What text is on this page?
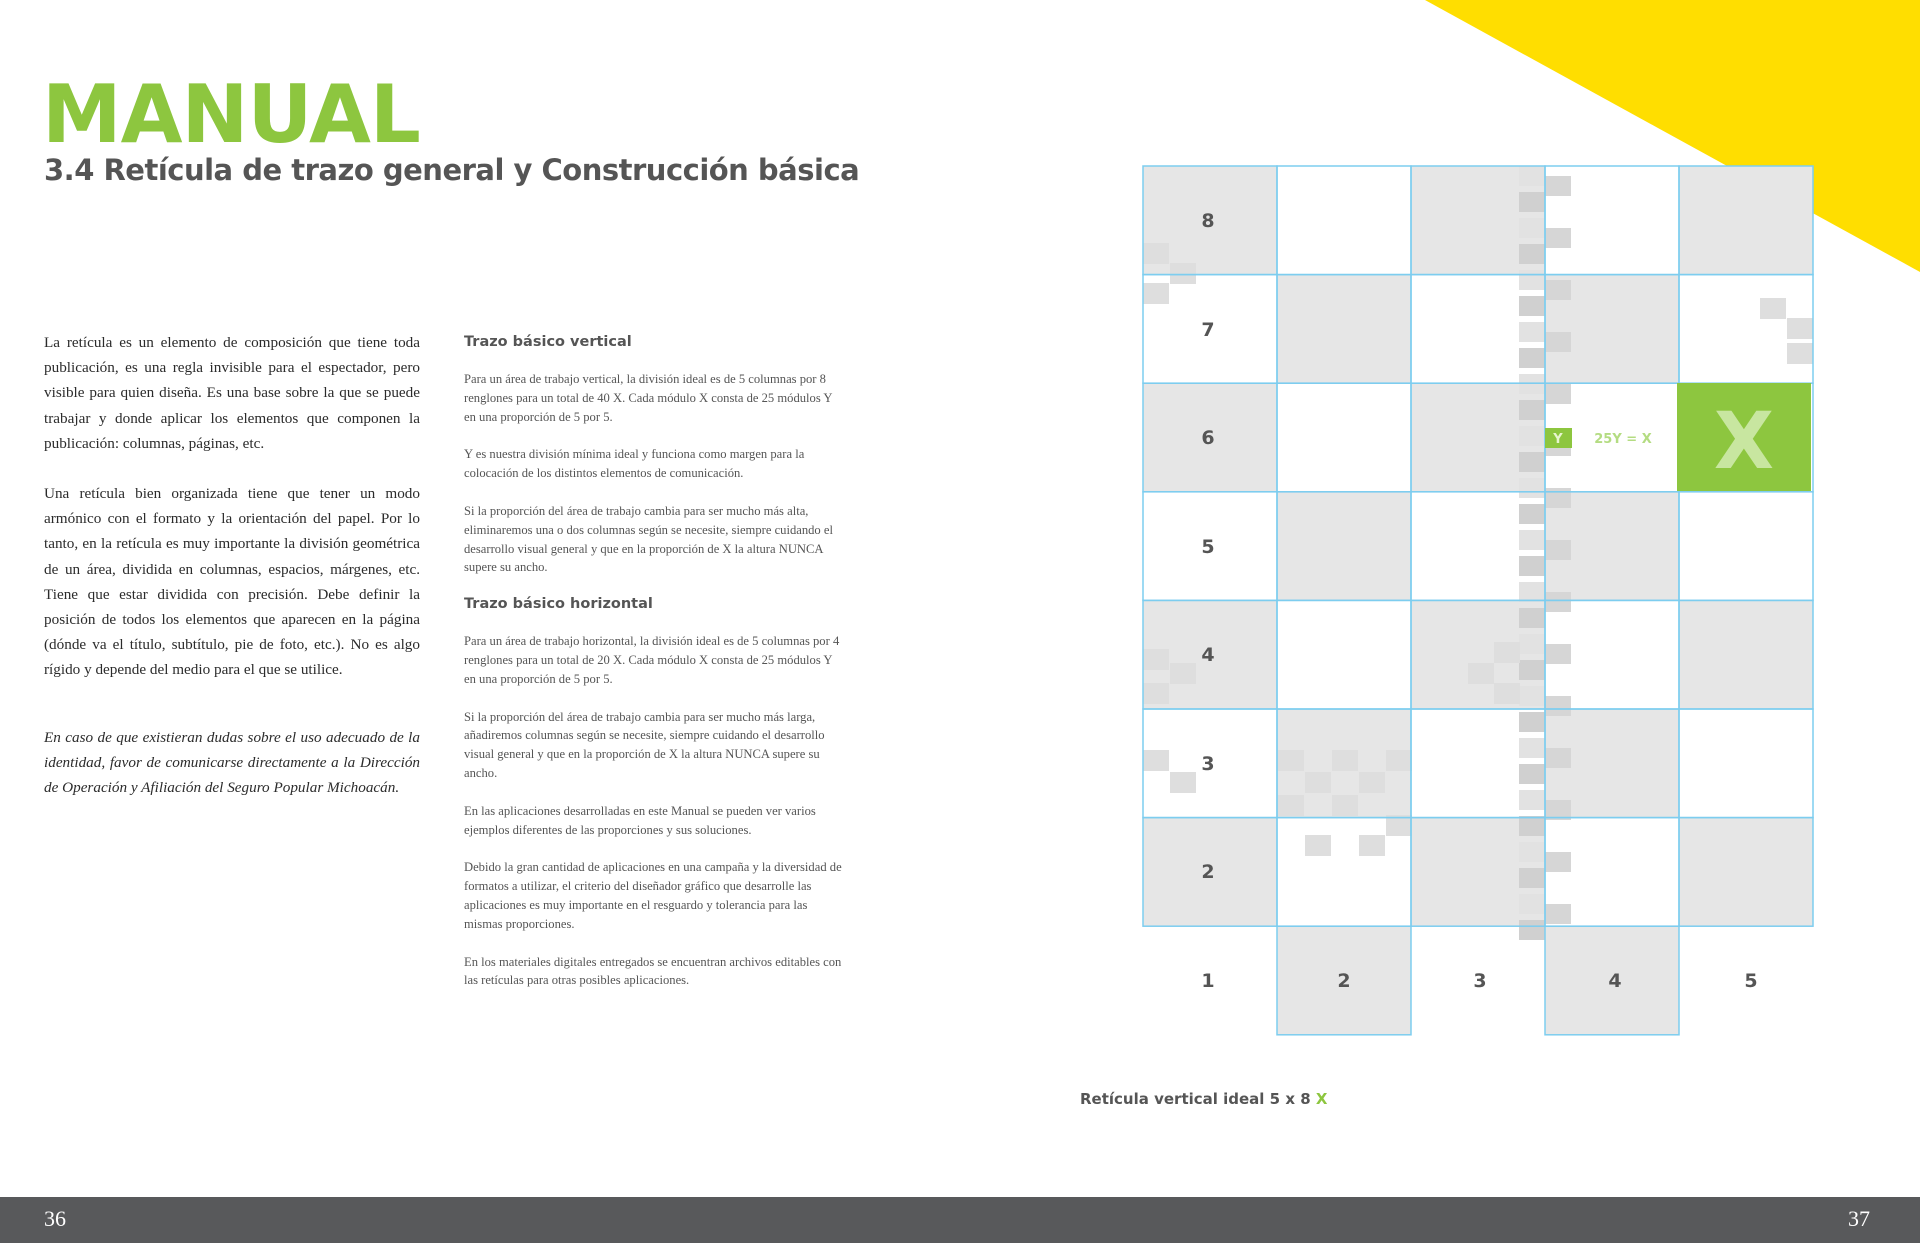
MANUAL
3.4 Retícula de trazo general y Construcción básica

La retícula es un elemento de composición que tiene toda publicación, es una regla invisible para el espectador, pero visible para quien diseña. Es una base sobre la que se puede trabajar y donde aplicar los elementos que componen la publicación: columnas, páginas, etc.

Una retícula bien organizada tiene que tener un modo armónico con el formato y la orientación del papel. Por lo tanto, en la retícula es muy importante la división geométrica de un área, dividida en columnas, espacios, márgenes, etc. Tiene que estar dividida con precisión. Debe definir la posición de todos los elementos que aparecen en la página (dónde va el título, subtítulo, pie de foto, etc.). No es algo rígido y depende del medio para el que se utilice.

En caso de que existieran dudas sobre el uso adecuado de la identidad, favor de comunicarse directamente a la Dirección de Operación y Afiliación del Seguro Popular Michoacán.

Trazo básico vertical

Para un área de trabajo vertical, la división ideal es de 5 columnas por 8 renglones para un total de 40 X. Cada módulo X consta de 25 módulos Y en una proporción de 5 por 5.

Y es nuestra división mínima ideal y funciona como margen para la colocación de los distintos elementos de comunicación.

Si la proporción del área de trabajo cambia para ser mucho más alta, eliminaremos una o dos columnas según se necesite, siempre cuidando el desarrollo visual general y que en la proporción de X la altura NUNCA supere su ancho.

Trazo básico horizontal

Para un área de trabajo horizontal, la división ideal es de 5 columnas por 4 renglones para un total de 20 X. Cada módulo X consta de 25 módulos Y en una proporción de 5 por 5.

Si la proporción del área de trabajo cambia para ser mucho más larga, añadiremos columnas según se necesite, siempre cuidando el desarrollo visual general y que en la proporción de X la altura NUNCA supere su ancho.

En las aplicaciones desarrolladas en este Manual se pueden ver varios ejemplos diferentes de las proporciones y sus soluciones.

Debido la gran cantidad de aplicaciones en una campaña y la diversidad de formatos a utilizar, el criterio del diseñador gráfico que desarrolle las aplicaciones es muy importante en el resguardo y tolerancia para las mismas proporciones.

En los materiales digitales entregados se encuentran archivos editables con las retículas para otras posibles aplicaciones.

X
Y 25Y = X
8
7
6
5
4
3
2
1	2	3	4	5
Retícula vertical ideal 5 x 8 X
36	37
